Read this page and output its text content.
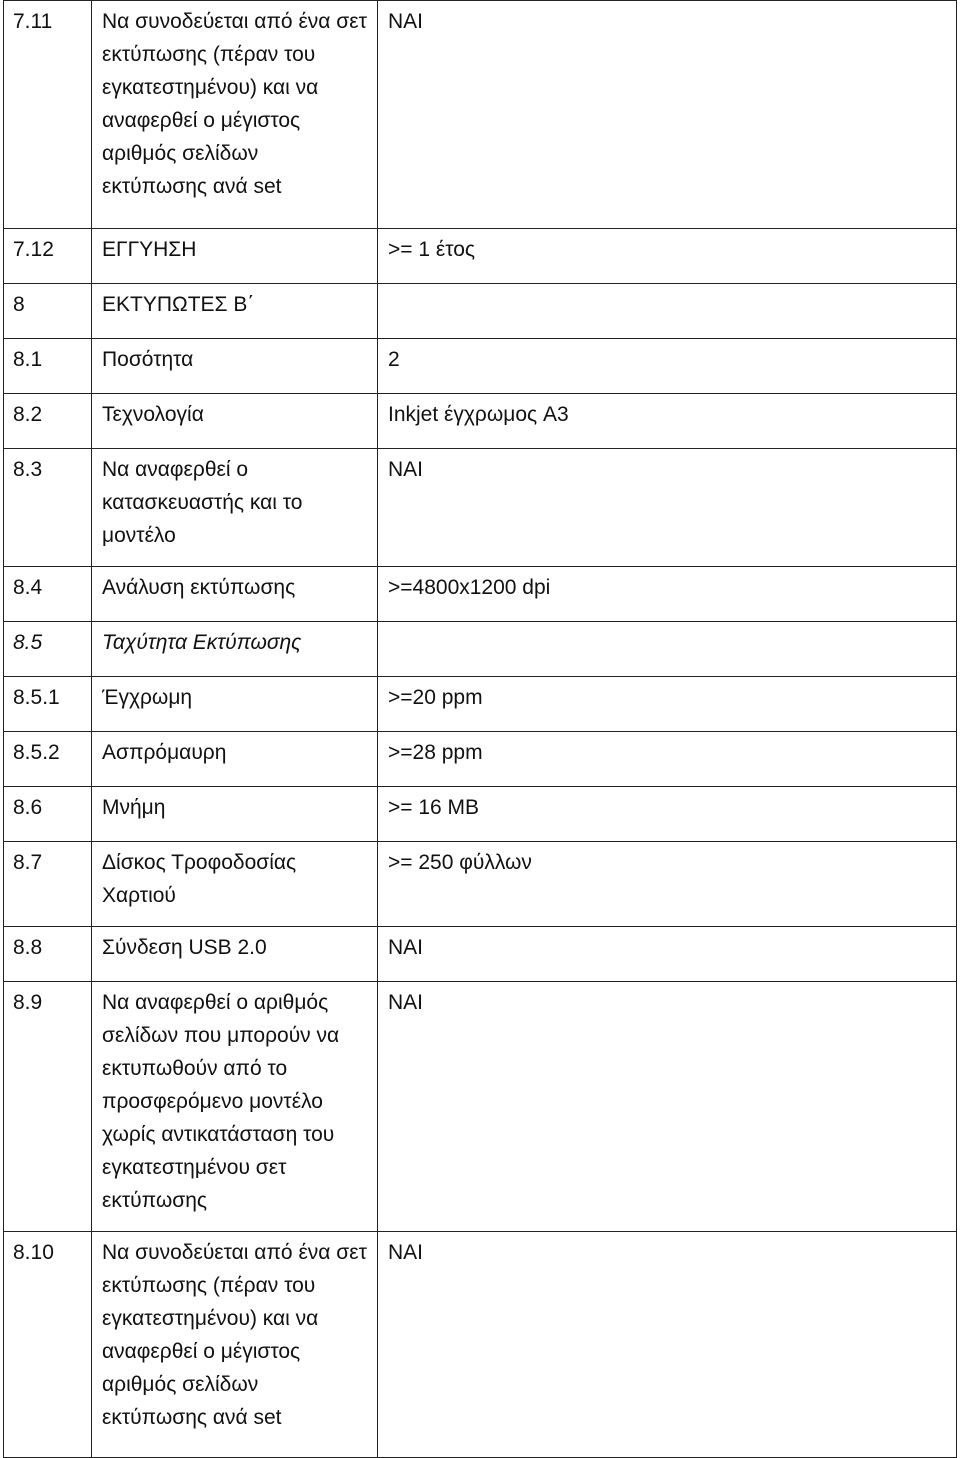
7.11	Να συνοδεύεται από ένα σετ εκτύπωσης (πέραν του εγκατεστημένου) και να αναφερθεί ο μέγιστος αριθμός σελίδων εκτύπωσης ανά set	ΝΑΙ
7.12	ΕΓΓΥΗΣΗ	>= 1 έτος
8	ΕΚΤΥΠΩΤΕΣ Β΄	
8.1	Ποσότητα	2
8.2	Τεχνολογία	Inkjet έγχρωμος A3
8.3	Να αναφερθεί ο κατασκευαστής και το μοντέλο	ΝΑΙ
8.4	Ανάλυση εκτύπωσης	>=4800x1200 dpi
8.5	Ταχύτητα Εκτύπωσης	
8.5.1	Έγχρωμη	>=20 ppm
8.5.2	Ασπρόμαυρη	>=28 ppm
8.6	Μνήμη	>= 16 MB
8.7	Δίσκος Τροφοδοσίας Χαρτιού	>= 250 φύλλων
8.8	Σύνδεση USB 2.0	ΝΑΙ
8.9	Να αναφερθεί ο αριθμός σελίδων που μπορούν να εκτυπωθούν από το προσφερόμενο μοντέλο χωρίς αντικατάσταση του εγκατεστημένου σετ εκτύπωσης	ΝΑΙ
8.10	Να συνοδεύεται από ένα σετ εκτύπωσης (πέραν του εγκατεστημένου) και να αναφερθεί ο μέγιστος αριθμός σελίδων εκτύπωσης ανά set	ΝΑΙ
